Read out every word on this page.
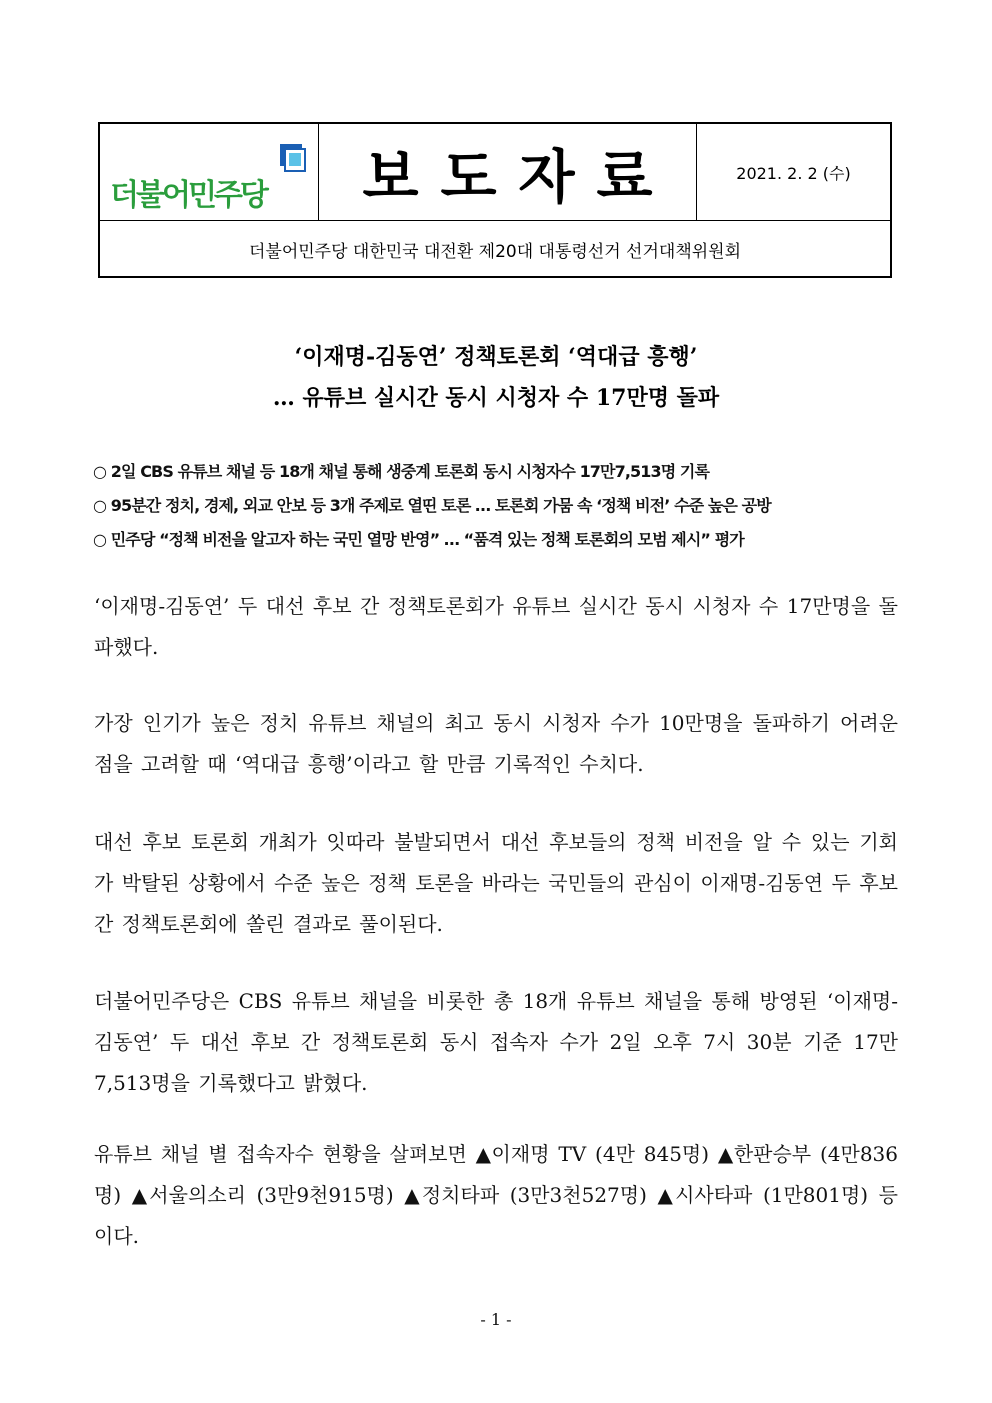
더불어민주당 보도자료	2021. 2. 2 (수)
더불어민주당 대한민국 대전환 제20대 대통령선거 선거대책위원회
‘이재명-김동연’ 정책토론회 ‘역대급 흥행’
… 유튜브 실시간 동시 시청자 수 17만명 돌파
○ 2일 CBS 유튜브 채널 등 18개 채널 통해 생중계 토론회 동시 시청자수 17만7,513명 기록
○ 95분간 정치, 경제, 외교 안보 등 3개 주제로 열띤 토론 … 토론회 가뭄 속 ‘정책 비전’ 수준 높은 공방
○ 민주당 “정책 비전을 알고자 하는 국민 열망 반영” … “품격 있는 정책 토론회의 모범 제시” 평가
‘이재명-김동연’ 두 대선 후보 간 정책토론회가 유튜브 실시간 동시 시청자 수 17만명을 돌파했다.
가장 인기가 높은 정치 유튜브 채널의 최고 동시 시청자 수가 10만명을 돌파하기 어려운 점을 고려할 때 ‘역대급 흥행’이라고 할 만큼 기록적인 수치다.
대선 후보 토론회 개최가 잇따라 불발되면서 대선 후보들의 정책 비전을 알 수 있는 기회가 박탈된 상황에서 수준 높은 정책 토론을 바라는 국민들의 관심이 이재명-김동연 두 후보 간 정책토론회에 쏠린 결과로 풀이된다.
더불어민주당은 CBS 유튜브 채널을 비롯한 총 18개 유튜브 채널을 통해 방영된 ‘이재명-김동연’ 두 대선 후보 간 정책토론회 동시 접속자 수가 2일 오후 7시 30분 기준 17만7,513명을 기록했다고 밝혔다.
유튜브 채널 별 접속자수 현황을 살펴보면 ▲이재명 TV (4만 845명) ▲한판승부 (4만836명) ▲서울의소리 (3만9천915명) ▲정치타파 (3만3천527명) ▲시사타파 (1만801명) 등 이다.
- 1 -
